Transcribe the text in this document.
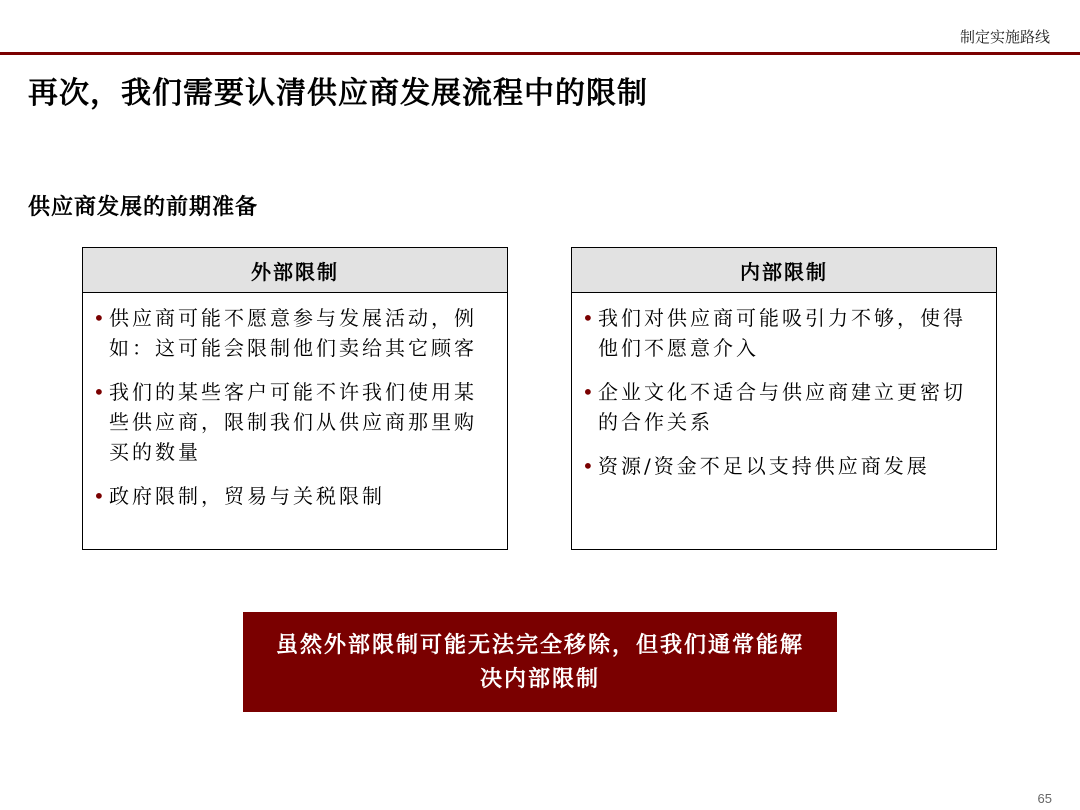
制定实施路线
再次，我们需要认清供应商发展流程中的限制
供应商发展的前期准备
外部限制
• 供应商可能不愿意参与发展活动，例如：这可能会限制他们卖给其它顾客
• 我们的某些客户可能不许我们使用某些供应商，限制我们从供应商那里购买的数量
• 政府限制，贸易与关税限制
内部限制
• 我们对供应商可能吸引力不够，使得他们不愿意介入
• 企业文化不适合与供应商建立更密切的合作关系
• 资源/资金不足以支持供应商发展
虽然外部限制可能无法完全移除，但我们通常能解决内部限制
65
